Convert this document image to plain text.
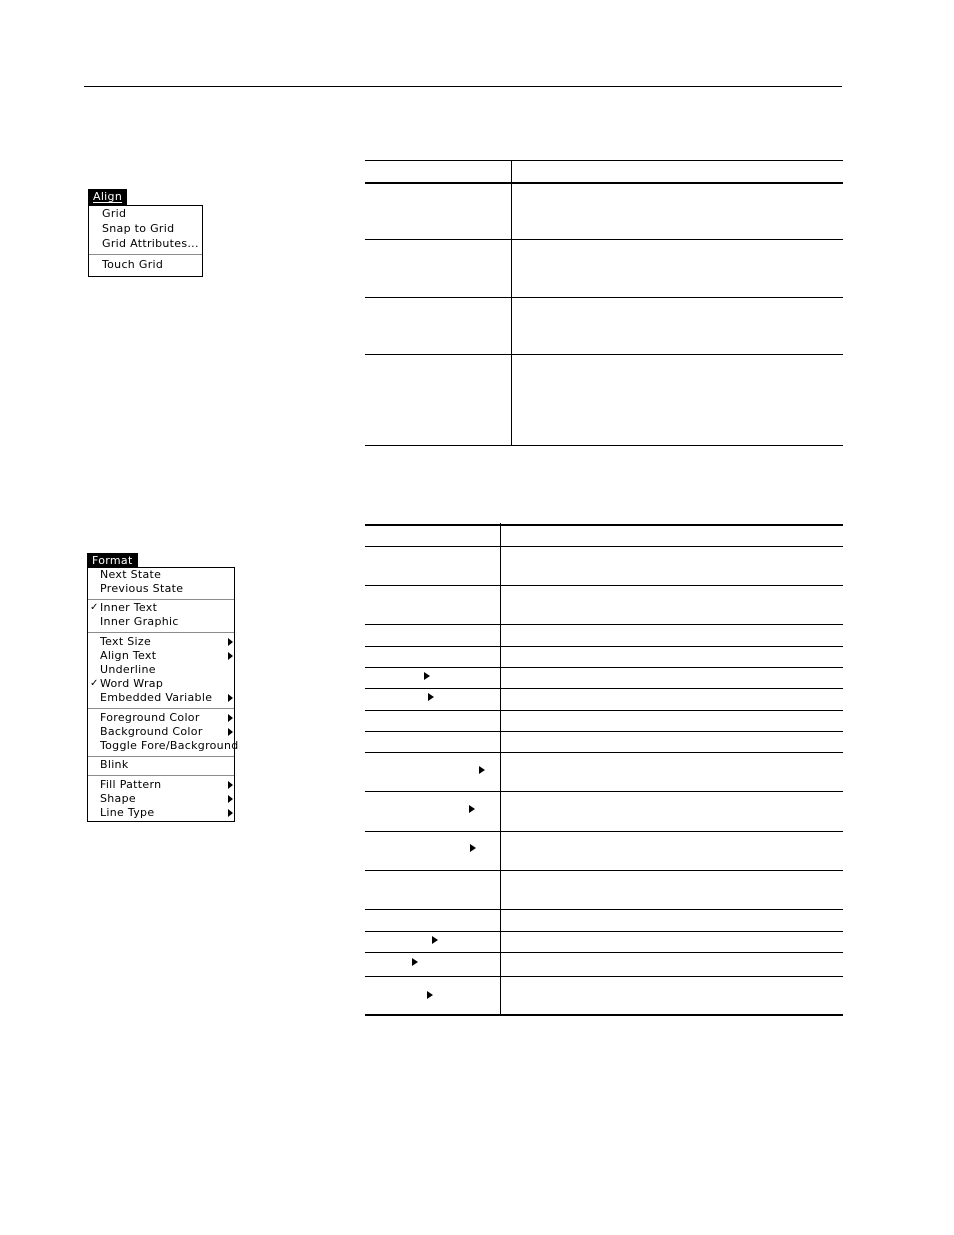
Align
Grid
Snap to Grid
Grid Attributes...
Touch Grid
Format
Next State
Previous State
✓ Inner Text
Inner Graphic
Text Size
Align Text
Underline
✓ Word Wrap
Embedded Variable
Foreground Color
Background Color
Toggle Fore/Background
Blink
Fill Pattern
Shape
Line Type
